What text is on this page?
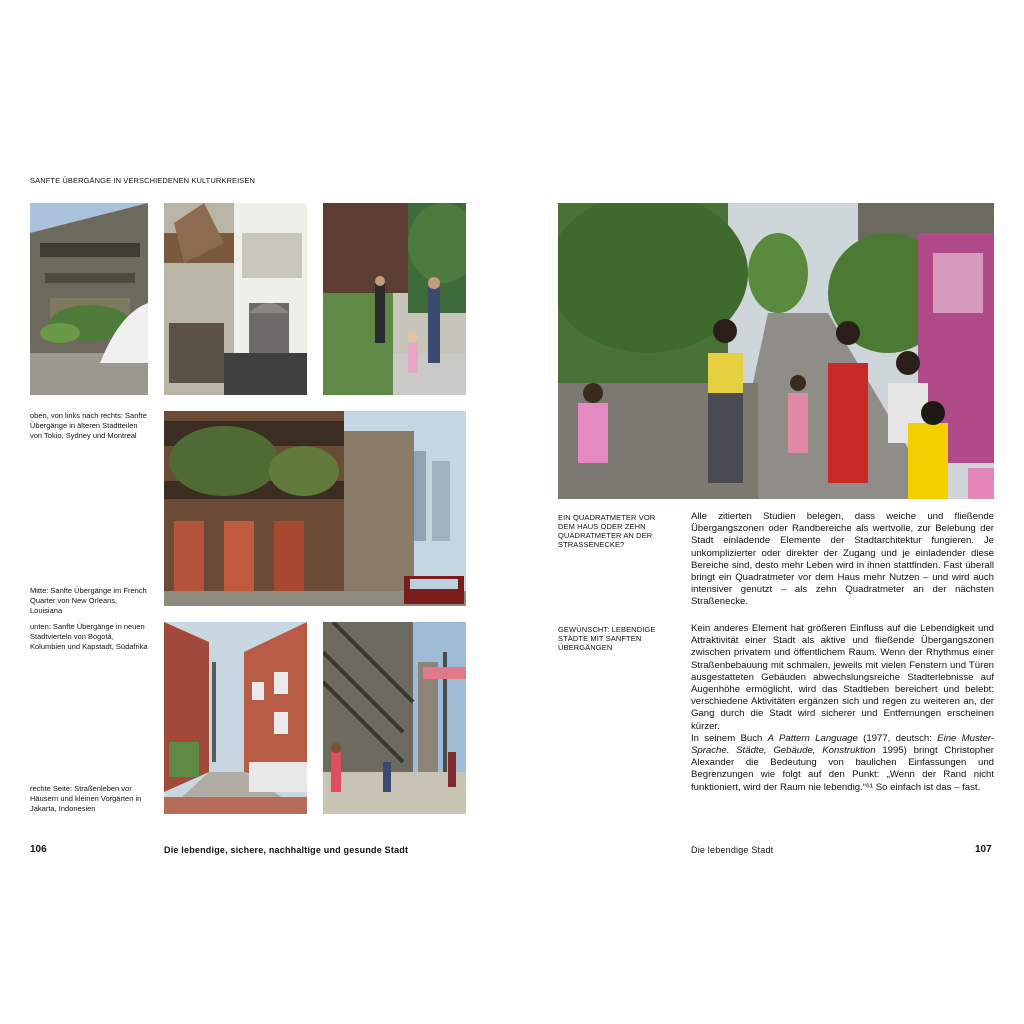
SANFTE ÜBERGÄNGE IN VERSCHIEDENEN KULTURKREISEN
oben, von links nach rechts: Sanfte Übergänge in älteren Stadtteilen von Tokio, Sydney und Montreal
Mitte: Sanfte Übergänge im French Quarter von New Orleans, Louisiana
unten: Sanfte Übergänge in neuen Stadtvierteln von Bogotá, Kolumbien und Kapstadt, Südafrika
rechte Seite: Straßenleben vor Häusern und kleinen Vorgärten in Jakarta, Indonesien
106	Die lebendige, sichere, nachhaltige und gesunde Stadt
EIN QUADRATMETER VOR DEM HAUS ODER ZEHN QUADRATMETER AN DER STRASSENECKE?

Alle zitierten Studien belegen, dass weiche und fließende Übergangszonen oder Randbereiche als wertvolle, zur Belebung der Stadt einladende Elemente der Stadtarchitektur fungieren. Je unkomplizierter oder direkter der Zugang und je einladender diese Bereiche sind, desto mehr Leben wird in ihnen stattfinden. Fast überall bringt ein Quadratmeter vor dem Haus mehr Nutzen – und wird auch intensiver genutzt – als zehn Quadratmeter an der nächsten Straßenecke.

GEWÜNSCHT: LEBENDIGE STÄDTE MIT SANFTEN ÜBERGÄNGEN

Kein anderes Element hat größeren Einfluss auf die Lebendigkeit und Attraktivität einer Stadt als aktive und fließende Übergangszonen zwischen privatem und öffentlichem Raum. Wenn der Rhythmus einer Straßenbebauung mit schmalen, jeweils mit vielen Fenstern und Türen ausgestatteten Gebäuden abwechslungsreiche Stadterlebnisse auf Augenhöhe ermöglicht, wird das Stadtleben bereichert und belebt: verschiedene Aktivitäten ergänzen sich und regen zu weiteren an, der Gang durch die Stadt wird sicherer und Entfernungen erscheinen kürzer.

In seinem Buch A Pattern Language (1977, deutsch: Eine Muster-Sprache. Städte, Gebäude, Konstruktion 1995) bringt Christopher Alexander die Bedeutung von baulichen Einfassungen und Begrenzungen wie folgt auf den Punkt: „Wenn der Rand nicht funktioniert, wird der Raum nie lebendig.“⁶¹ So einfach ist das – fast.

Die lebendige Stadt	107
